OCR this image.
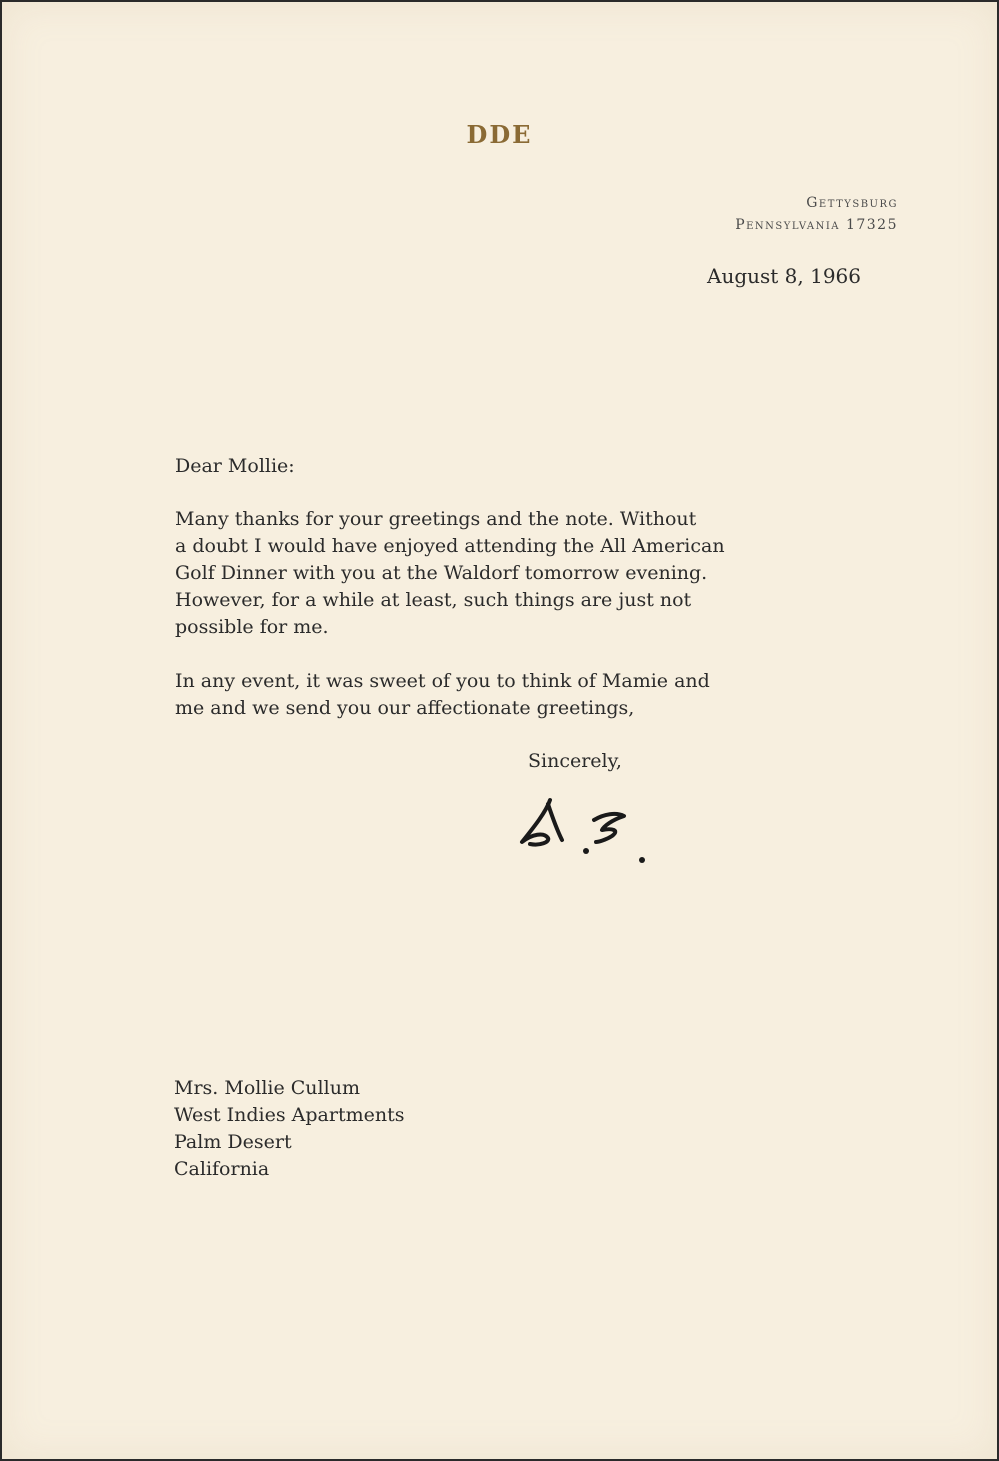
DDE
Gettysburg
Pennsylvania 17325
August 8, 1966
Dear Mollie:
Many thanks for your greetings and the note. Without
a doubt I would have enjoyed attending the All American
Golf Dinner with you at the Waldorf tomorrow evening.
However, for a while at least, such things are just not
possible for me.
In any event, it was sweet of you to think of Mamie and
me and we send you our affectionate greetings,
Sincerely,
Mrs. Mollie Cullum
West Indies Apartments
Palm Desert
California
